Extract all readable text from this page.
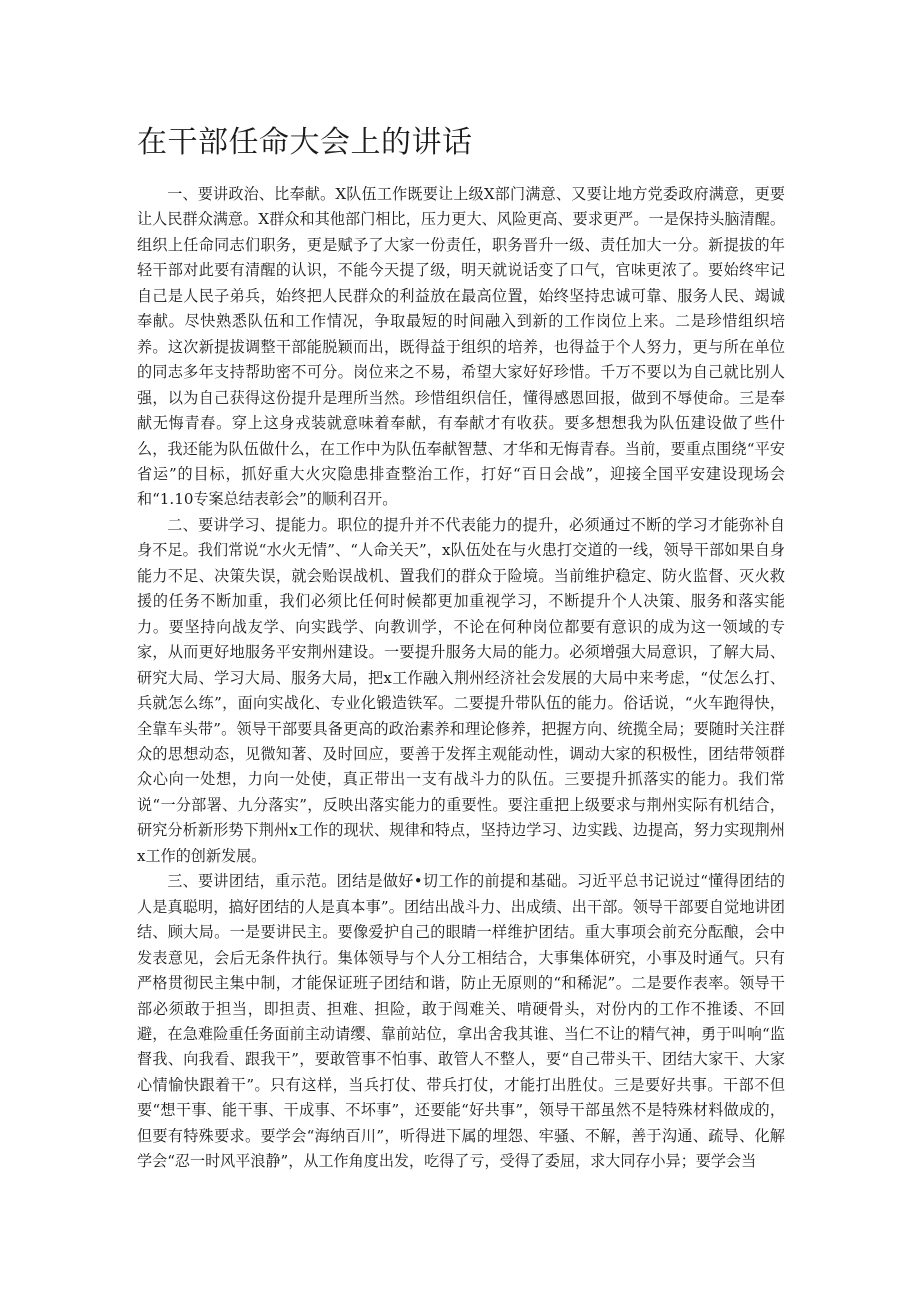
在干部任命大会上的讲话

一、要讲政治、比奉献。X队伍工作既要让上级X部门满意、又要让地方党委政府满意，更要让人民群众满意。X群众和其他部门相比，压力更大、风险更高、要求更严。一是保持头脑清醒。组织上任命同志们职务，更是赋予了大家一份责任，职务晋升一级、责任加大一分。新提拔的年轻干部对此要有清醒的认识，不能今天提了级，明天就说话变了口气，官味更浓了。要始终牢记自己是人民子弟兵，始终把人民群众的利益放在最高位置，始终坚持忠诚可靠、服务人民、竭诚奉献。尽快熟悉队伍和工作情况，争取最短的时间融入到新的工作岗位上来。二是珍惜组织培养。这次新提拔调整干部能脱颖而出，既得益于组织的培养，也得益于个人努力，更与所在单位的同志多年支持帮助密不可分。岗位来之不易，希望大家好好珍惜。千万不要以为自己就比别人强，以为自己获得这份提升是理所当然。珍惜组织信任，懂得感恩回报，做到不辱使命。三是奉献无悔青春。穿上这身戎装就意味着奉献，有奉献才有收获。要多想想我为队伍建设做了些什么，我还能为队伍做什么，在工作中为队伍奉献智慧、才华和无悔青春。当前，要重点围绕“平安省运”的目标，抓好重大火灾隐患排查整治工作，打好“百日会战”，迎接全国平安建设现场会和“1.10专案总结表彰会”的顺利召开。

二、要讲学习、提能力。职位的提升并不代表能力的提升，必须通过不断的学习才能弥补自身不足。我们常说“水火无情”、“人命关天”，x队伍处在与火患打交道的一线，领导干部如果自身能力不足、决策失误，就会贻误战机、置我们的群众于险境。当前维护稳定、防火监督、灭火救援的任务不断加重，我们必须比任何时候都更加重视学习，不断提升个人决策、服务和落实能力。要坚持向战友学、向实践学、向教训学，不论在何种岗位都要有意识的成为这一领域的专家，从而更好地服务平安荆州建设。一要提升服务大局的能力。必须增强大局意识，了解大局、研究大局、学习大局、服务大局，把x工作融入荆州经济社会发展的大局中来考虑，“仗怎么打、兵就怎么练”，面向实战化、专业化锻造铁军。二要提升带队伍的能力。俗话说，“火车跑得快，全靠车头带”。领导干部要具备更高的政治素养和理论修养，把握方向、统揽全局；要随时关注群众的思想动态，见微知著、及时回应，要善于发挥主观能动性，调动大家的积极性，团结带领群众心向一处想，力向一处使，真正带出一支有战斗力的队伍。三要提升抓落实的能力。我们常说“一分部署、九分落实”，反映出落实能力的重要性。要注重把上级要求与荆州实际有机结合，研究分析新形势下荆州x工作的现状、规律和特点，坚持边学习、边实践、边提高，努力实现荆州x工作的创新发展。

三、要讲团结，重示范。团结是做好•切工作的前提和基础。习近平总书记说过“懂得团结的人是真聪明，搞好团结的人是真本事”。团结出战斗力、出成绩、出干部。领导干部要自觉地讲团结、顾大局。一是要讲民主。要像爱护自己的眼睛一样维护团结。重大事项会前充分酝酿，会中发表意见，会后无条件执行。集体领导与个人分工相结合，大事集体研究，小事及时通气。只有严格贯彻民主集中制，才能保证班子团结和谐，防止无原则的“和稀泥”。二是要作表率。领导干部必须敢于担当，即担责、担难、担险，敢于闯难关、啃硬骨头，对份内的工作不推诿、不回避，在急难险重任务面前主动请缨、靠前站位，拿出舍我其谁、当仁不让的精气神，勇于叫响“监督我、向我看、跟我干”，要敢管事不怕事、敢管人不整人，要“自己带头干、团结大家干、大家心情愉快跟着干”。只有这样，当兵打仗、带兵打仗，才能打出胜仗。三是要好共事。干部不但要“想干事、能干事、干成事、不坏事”，还要能“好共事”，领导干部虽然不是特殊材料做成的，但要有特殊要求。要学会“海纳百川”，听得进下属的埋怨、牢骚、不解，善于沟通、疏导、化解学会“忍一时风平浪静”，从工作角度出发，吃得了亏，受得了委屈，求大同存小异；要学会当
